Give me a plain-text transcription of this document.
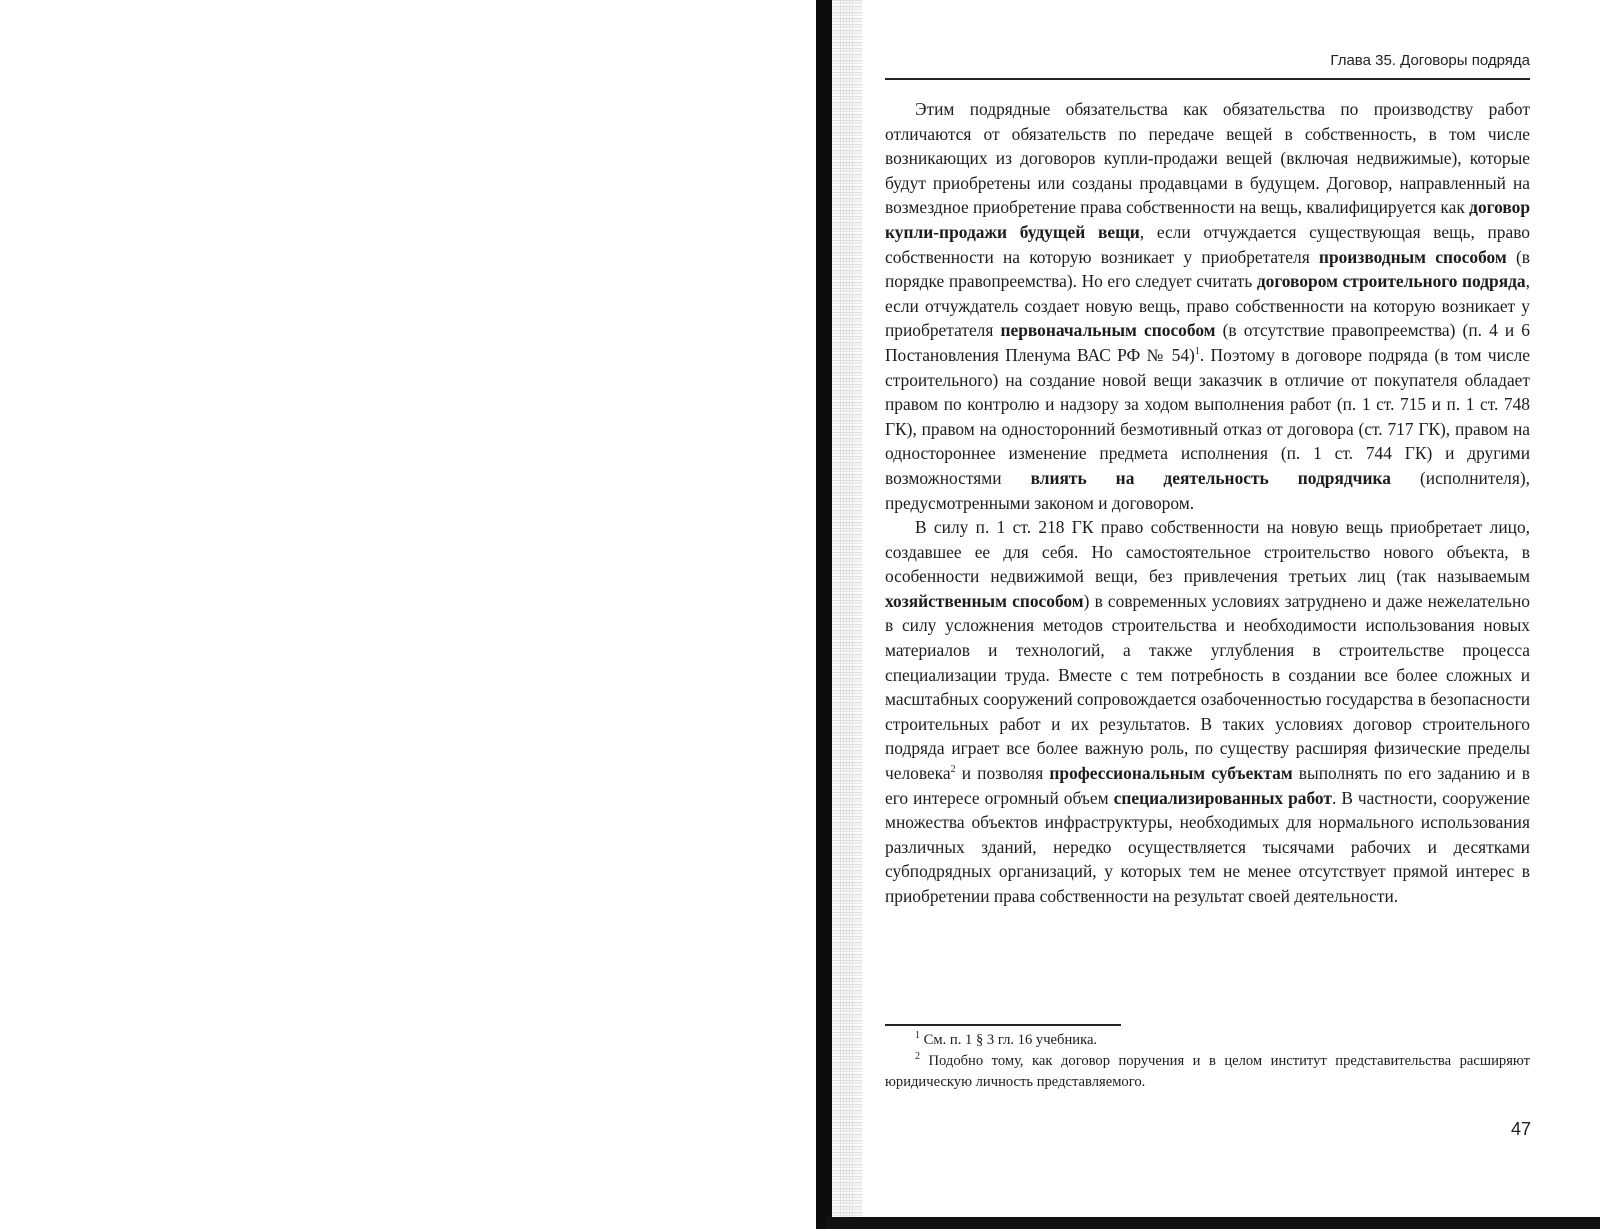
Глава 35. Договоры подряда

Этим подрядные обязательства как обязательства по производству работ отличаются от обязательств по передаче вещей в собственность, в том числе возникающих из договоров купли-продажи вещей (включая недвижимые), которые будут приобретены или созданы продавцами в будущем. Договор, направленный на возмездное приобретение права собственности на вещь, квалифицируется как договор купли-продажи будущей вещи, если отчуждается существующая вещь, право собственности на которую возникает у приобретателя производным способом (в порядке правопреемства). Но его следует считать договором строительного подряда, если отчуждатель создает новую вещь, право собственности на которую возникает у приобретателя первоначальным способом (в отсутствие правопреемства) (п. 4 и 6 Постановления Пленума ВАС РФ № 54)$^1$. Поэтому в договоре подряда (в том числе строительного) на создание новой вещи заказчик в отличие от покупателя обладает правом по контролю и надзору за ходом выполнения работ (п. 1 ст. 715 и п. 1 ст. 748 ГК), правом на односторонний безмотивный отказ от договора (ст. 717 ГК), правом на одностороннее изменение предмета исполнения (п. 1 ст. 744 ГК) и другими возможностями влиять на деятельность подрядчика (исполнителя), предусмотренными законом и договором.

В силу п. 1 ст. 218 ГК право собственности на новую вещь приобретает лицо, создавшее ее для себя. Но самостоятельное строительство нового объекта, в особенности недвижимой вещи, без привлечения третьих лиц (так называемым хозяйственным способом) в современных условиях затруднено и даже нежелательно в силу усложнения методов строительства и необходимости использования новых материалов и технологий, а также углубления в строительстве процесса специализации труда. Вместе с тем потребность в создании все более сложных и масштабных сооружений сопровождается озабоченностью государства в безопасности строительных работ и их результатов. В таких условиях договор строительного подряда играет все более важную роль, по существу расширяя физические пределы человека$^2$ и позволяя профессиональным субъектам выполнять по его заданию и в его интересе огромный объем специализированных работ. В частности, сооружение множества объектов инфраструктуры, необходимых для нормального использования различных зданий, нередко осуществляется тысячами рабочих и десятками субподрядных организаций, у которых тем не менее отсутствует прямой интерес в приобретении права собственности на результат своей деятельности.

$^1$ См. п. 1 § 3 гл. 16 учебника.

$^2$ Подобно тому, как договор поручения и в целом институт представительства расширяют юридическую личность представляемого.

47
